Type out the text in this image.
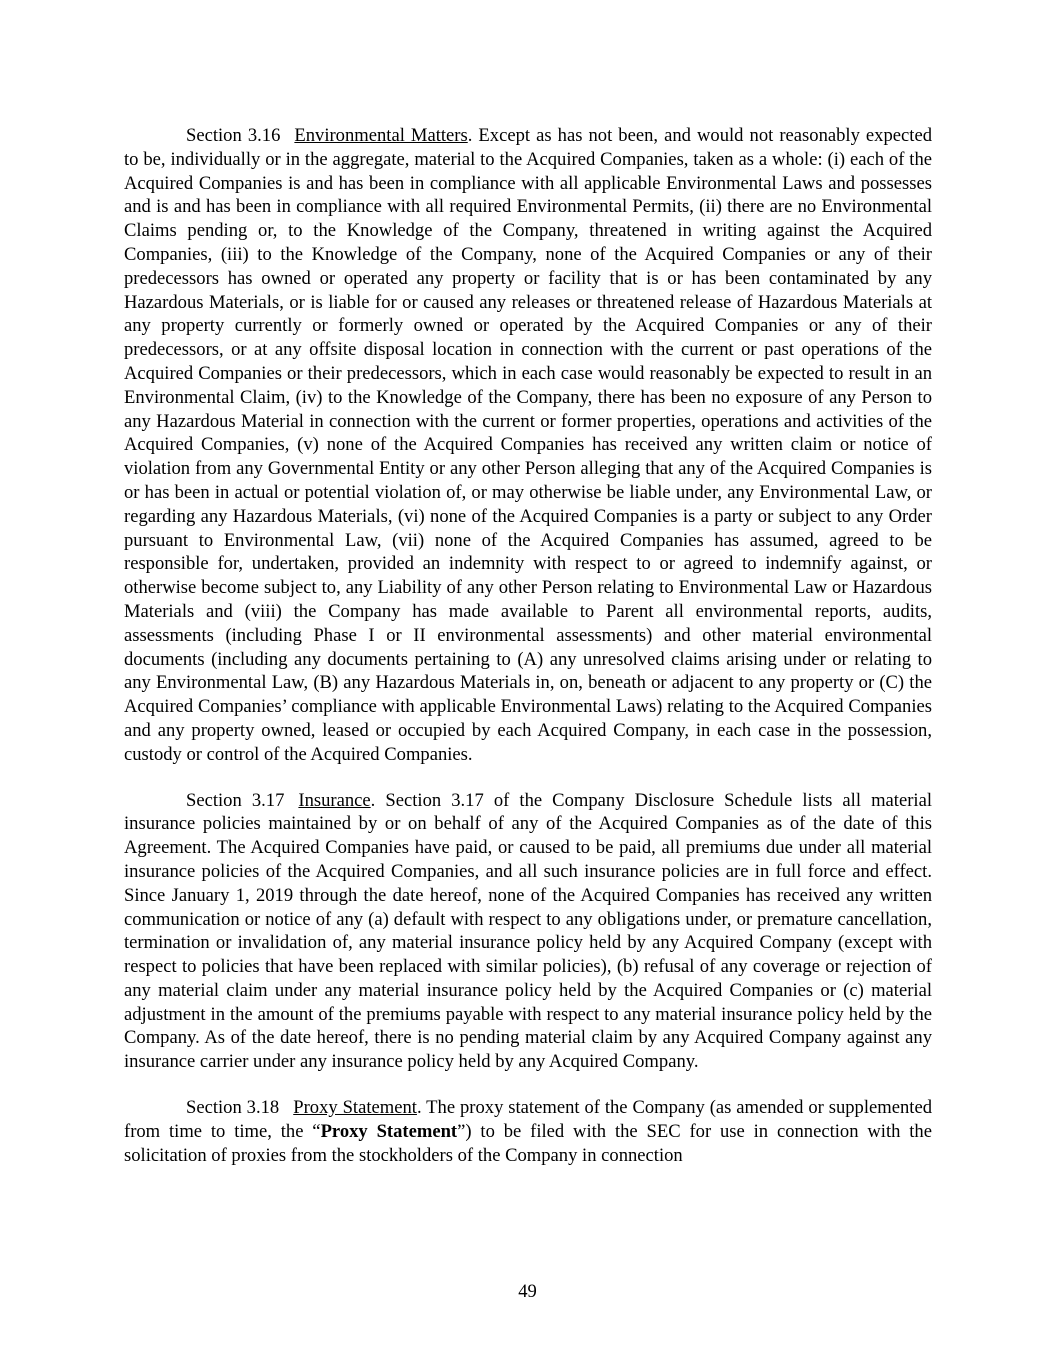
Section 3.16 Environmental Matters. Except as has not been, and would not reasonably expected to be, individually or in the aggregate, material to the Acquired Companies, taken as a whole: (i) each of the Acquired Companies is and has been in compliance with all applicable Environmental Laws and possesses and is and has been in compliance with all required Environmental Permits, (ii) there are no Environmental Claims pending or, to the Knowledge of the Company, threatened in writing against the Acquired Companies, (iii) to the Knowledge of the Company, none of the Acquired Companies or any of their predecessors has owned or operated any property or facility that is or has been contaminated by any Hazardous Materials, or is liable for or caused any releases or threatened release of Hazardous Materials at any property currently or formerly owned or operated by the Acquired Companies or any of their predecessors, or at any offsite disposal location in connection with the current or past operations of the Acquired Companies or their predecessors, which in each case would reasonably be expected to result in an Environmental Claim, (iv) to the Knowledge of the Company, there has been no exposure of any Person to any Hazardous Material in connection with the current or former properties, operations and activities of the Acquired Companies, (v) none of the Acquired Companies has received any written claim or notice of violation from any Governmental Entity or any other Person alleging that any of the Acquired Companies is or has been in actual or potential violation of, or may otherwise be liable under, any Environmental Law, or regarding any Hazardous Materials, (vi) none of the Acquired Companies is a party or subject to any Order pursuant to Environmental Law, (vii) none of the Acquired Companies has assumed, agreed to be responsible for, undertaken, provided an indemnity with respect to or agreed to indemnify against, or otherwise become subject to, any Liability of any other Person relating to Environmental Law or Hazardous Materials and (viii) the Company has made available to Parent all environmental reports, audits, assessments (including Phase I or II environmental assessments) and other material environmental documents (including any documents pertaining to (A) any unresolved claims arising under or relating to any Environmental Law, (B) any Hazardous Materials in, on, beneath or adjacent to any property or (C) the Acquired Companies’ compliance with applicable Environmental Laws) relating to the Acquired Companies and any property owned, leased or occupied by each Acquired Company, in each case in the possession, custody or control of the Acquired Companies.

Section 3.17 Insurance. Section 3.17 of the Company Disclosure Schedule lists all material insurance policies maintained by or on behalf of any of the Acquired Companies as of the date of this Agreement. The Acquired Companies have paid, or caused to be paid, all premiums due under all material insurance policies of the Acquired Companies, and all such insurance policies are in full force and effect. Since January 1, 2019 through the date hereof, none of the Acquired Companies has received any written communication or notice of any (a) default with respect to any obligations under, or premature cancellation, termination or invalidation of, any material insurance policy held by any Acquired Company (except with respect to policies that have been replaced with similar policies), (b) refusal of any coverage or rejection of any material claim under any material insurance policy held by the Acquired Companies or (c) material adjustment in the amount of the premiums payable with respect to any material insurance policy held by the Company. As of the date hereof, there is no pending material claim by any Acquired Company against any insurance carrier under any insurance policy held by any Acquired Company.

Section 3.18 Proxy Statement. The proxy statement of the Company (as amended or supplemented from time to time, the “Proxy Statement”) to be filed with the SEC for use in connection with the solicitation of proxies from the stockholders of the Company in connection

49
